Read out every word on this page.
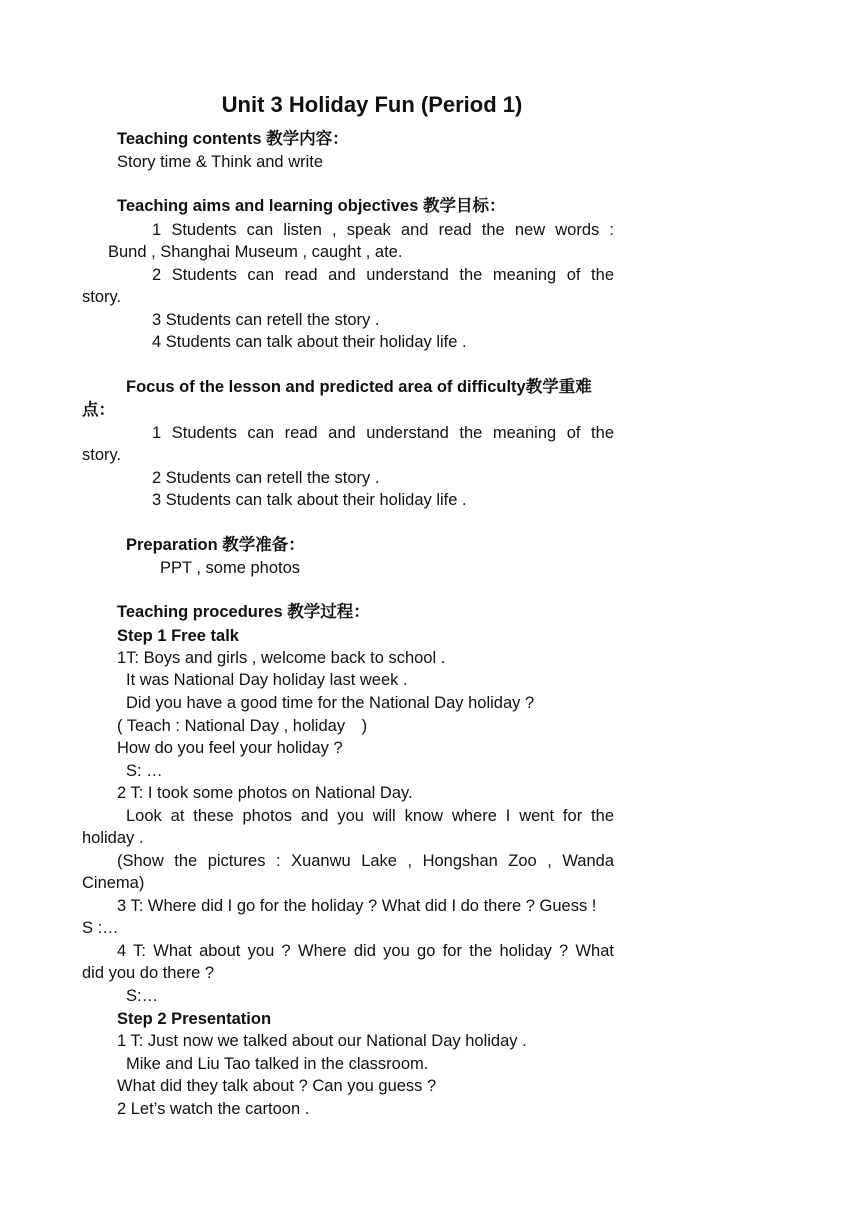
Unit 3 Holiday Fun (Period 1)
Teaching contents 教学内容：
Story time & Think and write
Teaching aims and learning objectives 教学目标：
1 Students can listen , speak and read the new words :
Bund , Shanghai Museum , caught , ate.
2 Students can read and understand the meaning of the
story.
3 Students can retell the story .
4 Students can talk about their holiday life .
Focus of the lesson and predicted area of difficulty教学重难
点：
1 Students can read and understand the meaning of the
story.
2 Students can retell the story .
3 Students can talk about their holiday life .
Preparation 教学准备：
PPT , some photos
Teaching procedures 教学过程：
Step 1 Free talk
1T: Boys and girls , welcome back to school .
It was National Day holiday last week .
Did you have a good time for the National Day holiday ?
( Teach : National Day , holiday　)
How do you feel your holiday ?
S: …
2 T: I took some photos on National Day.
Look at these photos and you will know where I went for the
holiday .
(Show the pictures : Xuanwu Lake , Hongshan Zoo , Wanda
Cinema)
3 T: Where did I go for the holiday ? What did I do there ? Guess !
S :…
4 T: What about you ? Where did you go for the holiday ? What
did you do there ?
S:…
Step 2 Presentation
1 T: Just now we talked about our National Day holiday .
Mike and Liu Tao talked in the classroom.
What did they talk about ? Can you guess ?
2 Let’s watch the cartoon .
